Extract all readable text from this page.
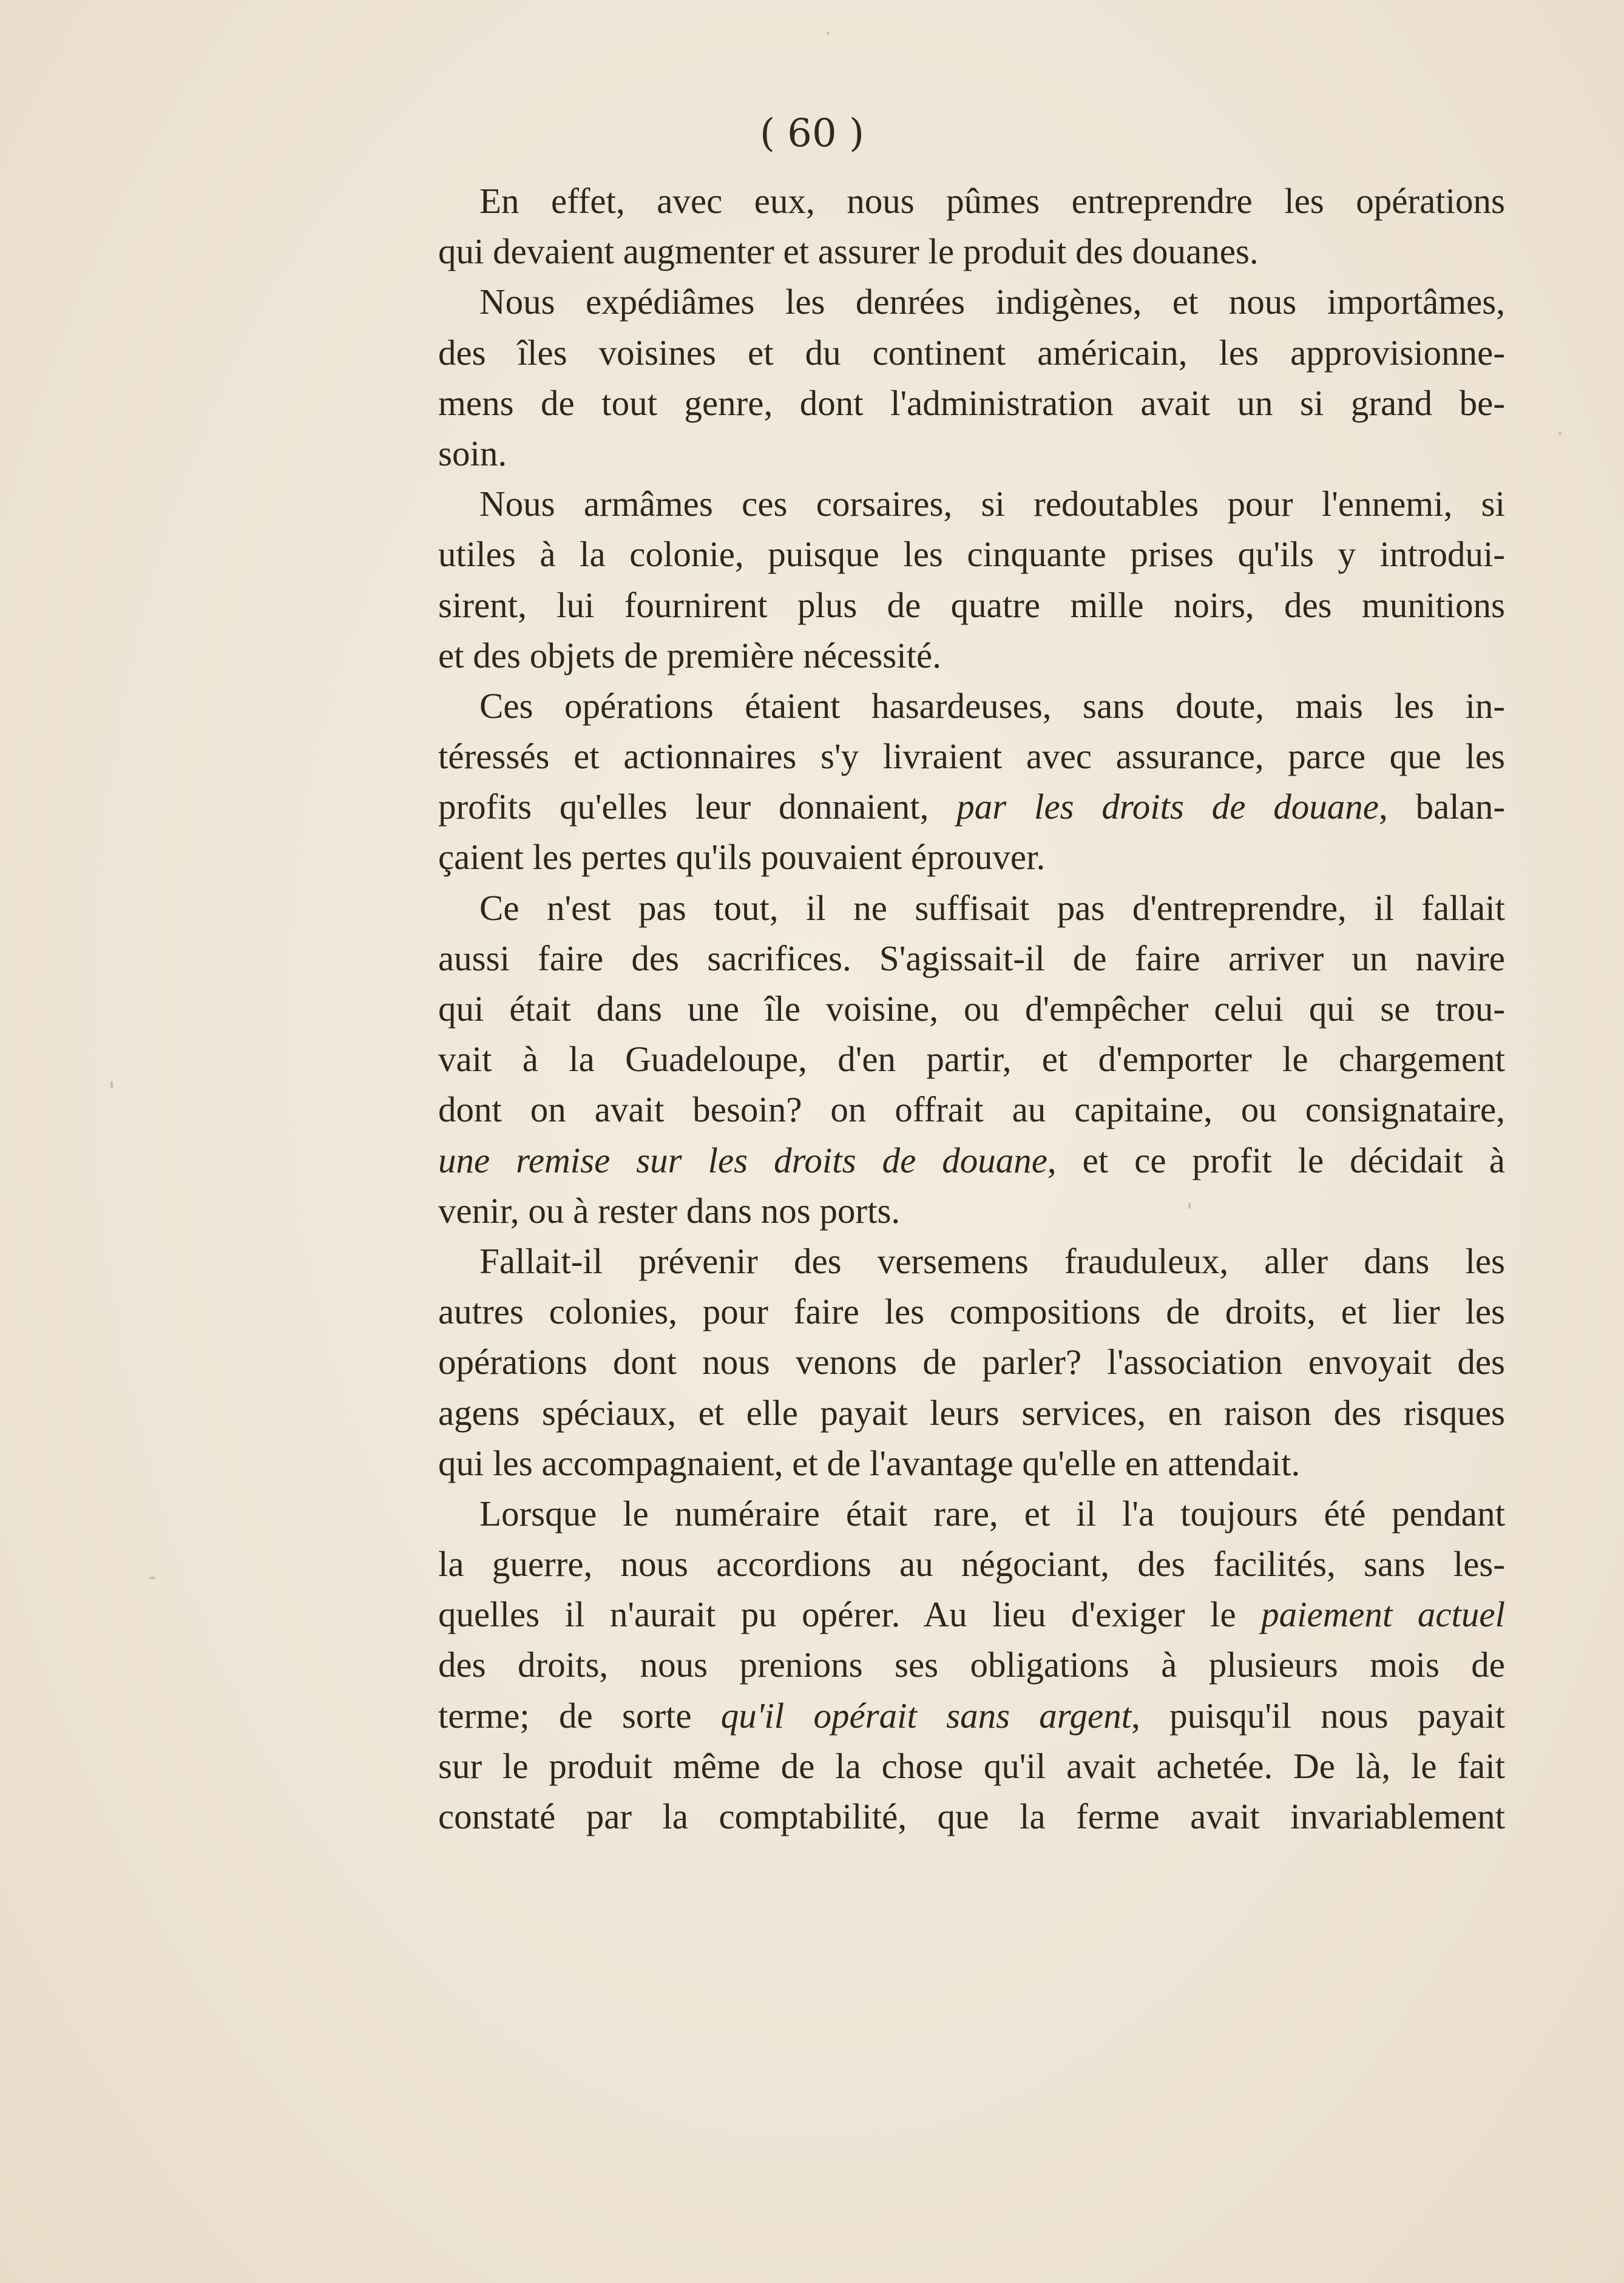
( 60 )
En effet, avec eux, nous pûmes entreprendre les opérations
qui devaient augmenter et assurer le produit des douanes.
Nous expédiâmes les denrées indigènes, et nous importâmes,
des îles voisines et du continent américain, les approvisionne-
mens de tout genre, dont l'administration avait un si grand be-
soin.
Nous armâmes ces corsaires, si redoutables pour l'ennemi, si
utiles à la colonie, puisque les cinquante prises qu'ils y introdui-
sirent, lui fournirent plus de quatre mille noirs, des munitions
et des objets de première nécessité.
Ces opérations étaient hasardeuses, sans doute, mais les in-
téressés et actionnaires s'y livraient avec assurance, parce que les
profits qu'elles leur donnaient, par les droits de douane, balan-
çaient les pertes qu'ils pouvaient éprouver.
Ce n'est pas tout, il ne suffisait pas d'entreprendre, il fallait
aussi faire des sacrifices. S'agissait-il de faire arriver un navire
qui était dans une île voisine, ou d'empêcher celui qui se trou-
vait à la Guadeloupe, d'en partir, et d'emporter le chargement
dont on avait besoin? on offrait au capitaine, ou consignataire,
une remise sur les droits de douane, et ce profit le décidait à
venir, ou à rester dans nos ports.
Fallait-il prévenir des versemens frauduleux, aller dans les
autres colonies, pour faire les compositions de droits, et lier les
opérations dont nous venons de parler? l'association envoyait des
agens spéciaux, et elle payait leurs services, en raison des risques
qui les accompagnaient, et de l'avantage qu'elle en attendait.
Lorsque le numéraire était rare, et il l'a toujours été pendant
la guerre, nous accordions au négociant, des facilités, sans les-
quelles il n'aurait pu opérer. Au lieu d'exiger le paiement actuel
des droits, nous prenions ses obligations à plusieurs mois de
terme; de sorte qu'il opérait sans argent, puisqu'il nous payait
sur le produit même de la chose qu'il avait achetée. De là, le fait
constaté par la comptabilité, que la ferme avait invariablement
